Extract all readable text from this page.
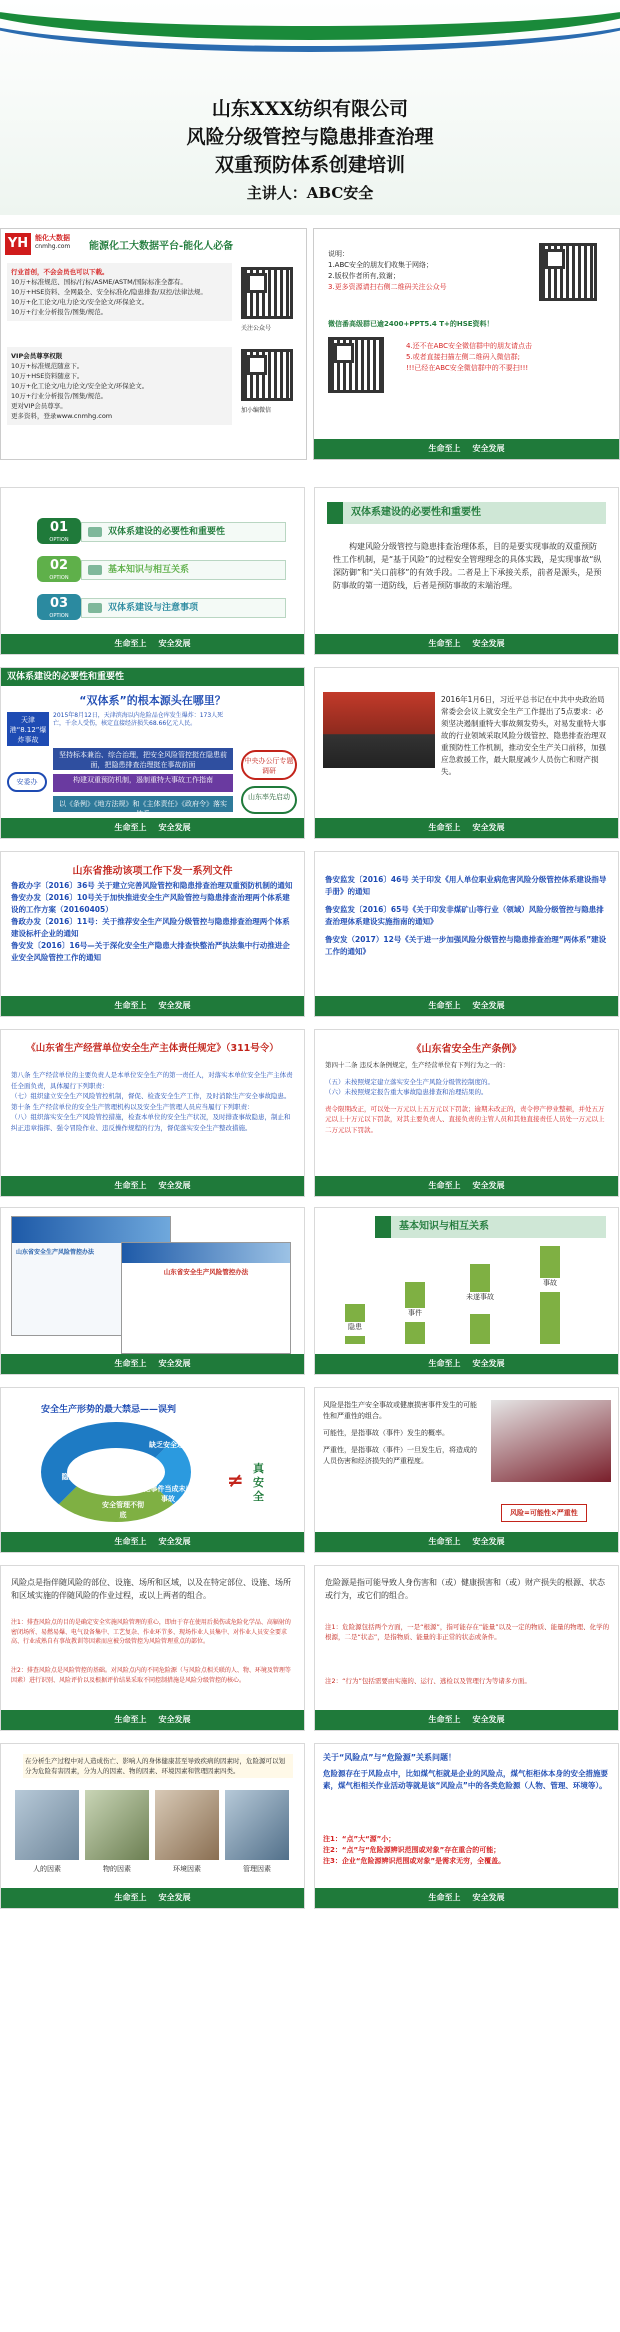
山东XXX纺织有限公司
风险分级管控与隐患排查治理
双重预防体系创建培训
主讲人：ABC安全
YH 能化大数据
cnmhg.com 能源化工大数据平台-能化人必备
行业首创，不会会员也可以下载。
10万+标准规范、国标/行标/ASME/ASTM/国际标准全都有。
10万+HSE资料、全网最全、安全标准化/隐患排查/双控/法律法规。
10万+化工论文/电力论文/安全论文/环保论文。
10万+行业分析报告/图集/规范。
VIP会员尊享权限
10万+标准规范随意下。
10万+HSE资料随意下。
10万+化工论文/电力论文/安全论文/环保论文。
10万+行业分析报告/图集/规范。
更对VIP会员尊享。
更多资料，登录www.cnmhg.com
关注公众号
加小编微信
说明：
1.ABC安全的朋友们收集于网络；
2.版权作者所有,致谢；
3.更多资源请扫右侧二维码关注公众号
微信番高级群已逾2400+PPT5.4 T+的HSE资料！
4.还不在ABC安全微信群中的朋友请点击
5.或者直接扫描左侧二维码入微信群;
!!!已经在ABC安全微信群中的不要扫!!!
生命至上 安全发展
01
OPTION
双体系建设的必要性和重要性
02
OPTION
基本知识与相互关系
03
OPTION
双体系建设与注意事项
生命至上 安全发展
双体系建设的必要性和重要性
构建风险分级管控与隐患排查治理体系，目的是要实现事故的双重预防性工作机制，是“基于风险”的过程安全管理理念的具体实践，是实现事故“纵深防御”和“关口前移”的有效手段。二者是上下承接关系，前者是源头，是预防事故的第一道防线，后者是预防事故的末端治理。
生命至上 安全发展
双体系建设的必要性和重要性
“双体系”的根本源头在哪里？
天津港“8.12”爆炸事故
2015年8月12日，天津滨海以内危险品仓库发生爆炸：173人死亡，千余人受伤，核定直接经济损失68.66亿元人民。
坚持标本兼治、综合治理，把安全风险管控挺在隐患前面，把隐患排查治理挺在事故前面
安委办	构建双重预防机制，遏制重特大事故工作指南
以《条例》《地方法规》和《主体责任》《政府令》落实体系
中央办公厅专题调研
山东率先启动
生命至上 安全发展
2016年1月6日，习近平总书记在中共中央政治局常委会会议上就安全生产工作提出了5点要求：必须坚决遏制重特大事故频发势头，对易发重特大事故的行业领域采取风险分级管控、隐患排查治理双重预防性工作机制，推动安全生产关口前移，加强应急救援工作，最大限度减少人员伤亡和财产损失。
生命至上 安全发展
山东省推动该项工作下发一系列文件
鲁政办字〔2016〕36号 关于建立完善风险管控和隐患排查治理双重预防机制的通知
鲁安办发〔2016〕10号关于加快推进安全生产风险管控与隐患排查治理两个体系建设的工作方案（20160405）
鲁政办发〔2016〕11号：关于推荐安全生产风险分级管控与隐患排查治理两个体系建设标杆企业的通知
鲁安发〔2016〕16号—关于深化安全生产隐患大排查快整治严执法集中行动推进企业安全风险管控工作的通知
生命至上 安全发展
鲁安监发〔2016〕46号 关于印发《用人单位职业病危害风险分级管控体系建设指导手册》的通知
鲁安监发〔2016〕65号《关于印发非煤矿山等行业（领域）风险分级管控与隐患排查治理体系建设实施指南的通知》
鲁安发（2017）12号《关于进一步加强风险分级管控与隐患排查治理“两体系”建设工作的通知》
生命至上 安全发展
《山东省生产经营单位安全生产主体责任规定》（311号令）
第八条 生产经营单位的主要负责人是本单位安全生产的第一责任人，对落实本单位安全生产主体责任全面负责，具体履行下列职责：
（七）组织建立安全生产风险管控机制，督促、检查安全生产工作，及时消除生产安全事故隐患。
第十条 生产经营单位的安全生产管理机构以及安全生产管理人员应当履行下列职责：
（八）组织落实安全生产风险管控措施，检查本单位的安全生产状况，及时排查事故隐患，制止和纠正违章指挥、强令冒险作业、违反操作规程的行为，督促落实安全生产整改措施。
生命至上 安全发展
《山东省安全生产条例》
第四十二条 违反本条例规定，生产经营单位有下列行为之一的：
（五）未按照规定建立落实安全生产风险分级管控制度的。
（六）未按照规定报告重大事故隐患排查和治理结果的。
责令限期改正，可以处一万元以上五万元以下罚款；逾期未改正的，责令停产停业整顿，并处五万元以上十万元以下罚款，对其主要负责人、直接负责的主管人员和其他直接责任人员处一万元以上二万元以下罚款。
生命至上 安全发展
山东省安全生产风险管控办法
山东省安全生产风险管控办法
生命至上 安全发展
基本知识与相互关系
隐患
事件
未遂事故
事故
生命至上 安全发展
安全生产形势的最大禁忌——误判
隐患排查不彻底
缺乏安全理念
把事件当成未出事故
安全管理不彻底
≠ 真安全
生命至上 安全发展
风险是指生产安全事故或健康损害事件发生的可能性和严重性的组合。
可能性，是指事故（事件）发生的概率。
严重性，是指事故（事件）一旦发生后，将造成的人员伤害和经济损失的严重程度。
风险=可能性×严重性
生命至上 安全发展
风险点是指伴随风险的部位、设施、场所和区域，以及在特定部位、设施、场所和区域实施的伴随风险的作业过程，或以上两者的组合。
注1：排查风险点的目的是确定安全实施风险管理的重心，即由于存在使用后损伤或危险化学品、高辐射的密闭场所、易燃易爆、电气设备集中、工艺复杂、作业环节多、现场作业人员集中、对作业人员安全要求高、行业成熟自有事故教训等因素而应被分级管控为风险管理重点的部位。
注2：排查风险点是风险管控的基础。对风险点内的不同危险源（与风险点相关联的人、物、环境及管理等因素）进行识别、风险评价以及根据评价结果采取不同控制措施是风险分级管控的核心。
生命至上 安全发展
危险源是指可能导致人身伤害和（或）健康损害和（或）财产损失的根源、状态或行为，或它们的组合。
注1：危险源包括两个方面，一是“根源”，指可能存在“能量”以及一定的物质、能量的物理、化学的根源，二是“状态”，是指物质、能量的非正常的状态或条件。
注2：“行为”包括需要由实施的、运行、逃检以及管理行为等诸多方面。
生命至上 安全发展
在分析生产过程中对人造成伤亡、影响人的身体健康甚至导致疾病的因素时，危险源可以划分为危险有害因素，分为人的因素、物的因素、环境因素和管理因素四类。
人的因素	物的因素	环境因素	管理因素
生命至上 安全发展
关于“风险点”与“危险源”关系问题！
危险源存在于风险点中，比如煤气柜就是企业的风险点，煤气柜柜体本身的安全措施要素，煤气柜相关作业活动等就是该“风险点”中的各类危险源（人物、管理、环境等）。
注1：“点”大“源”小；
注2：“点”与“危险源辨识范围或对象”存在重合的可能；
注3：企业“危险源辨识范围或对象”是需求无穷，全覆盖。
生命至上 安全发展
